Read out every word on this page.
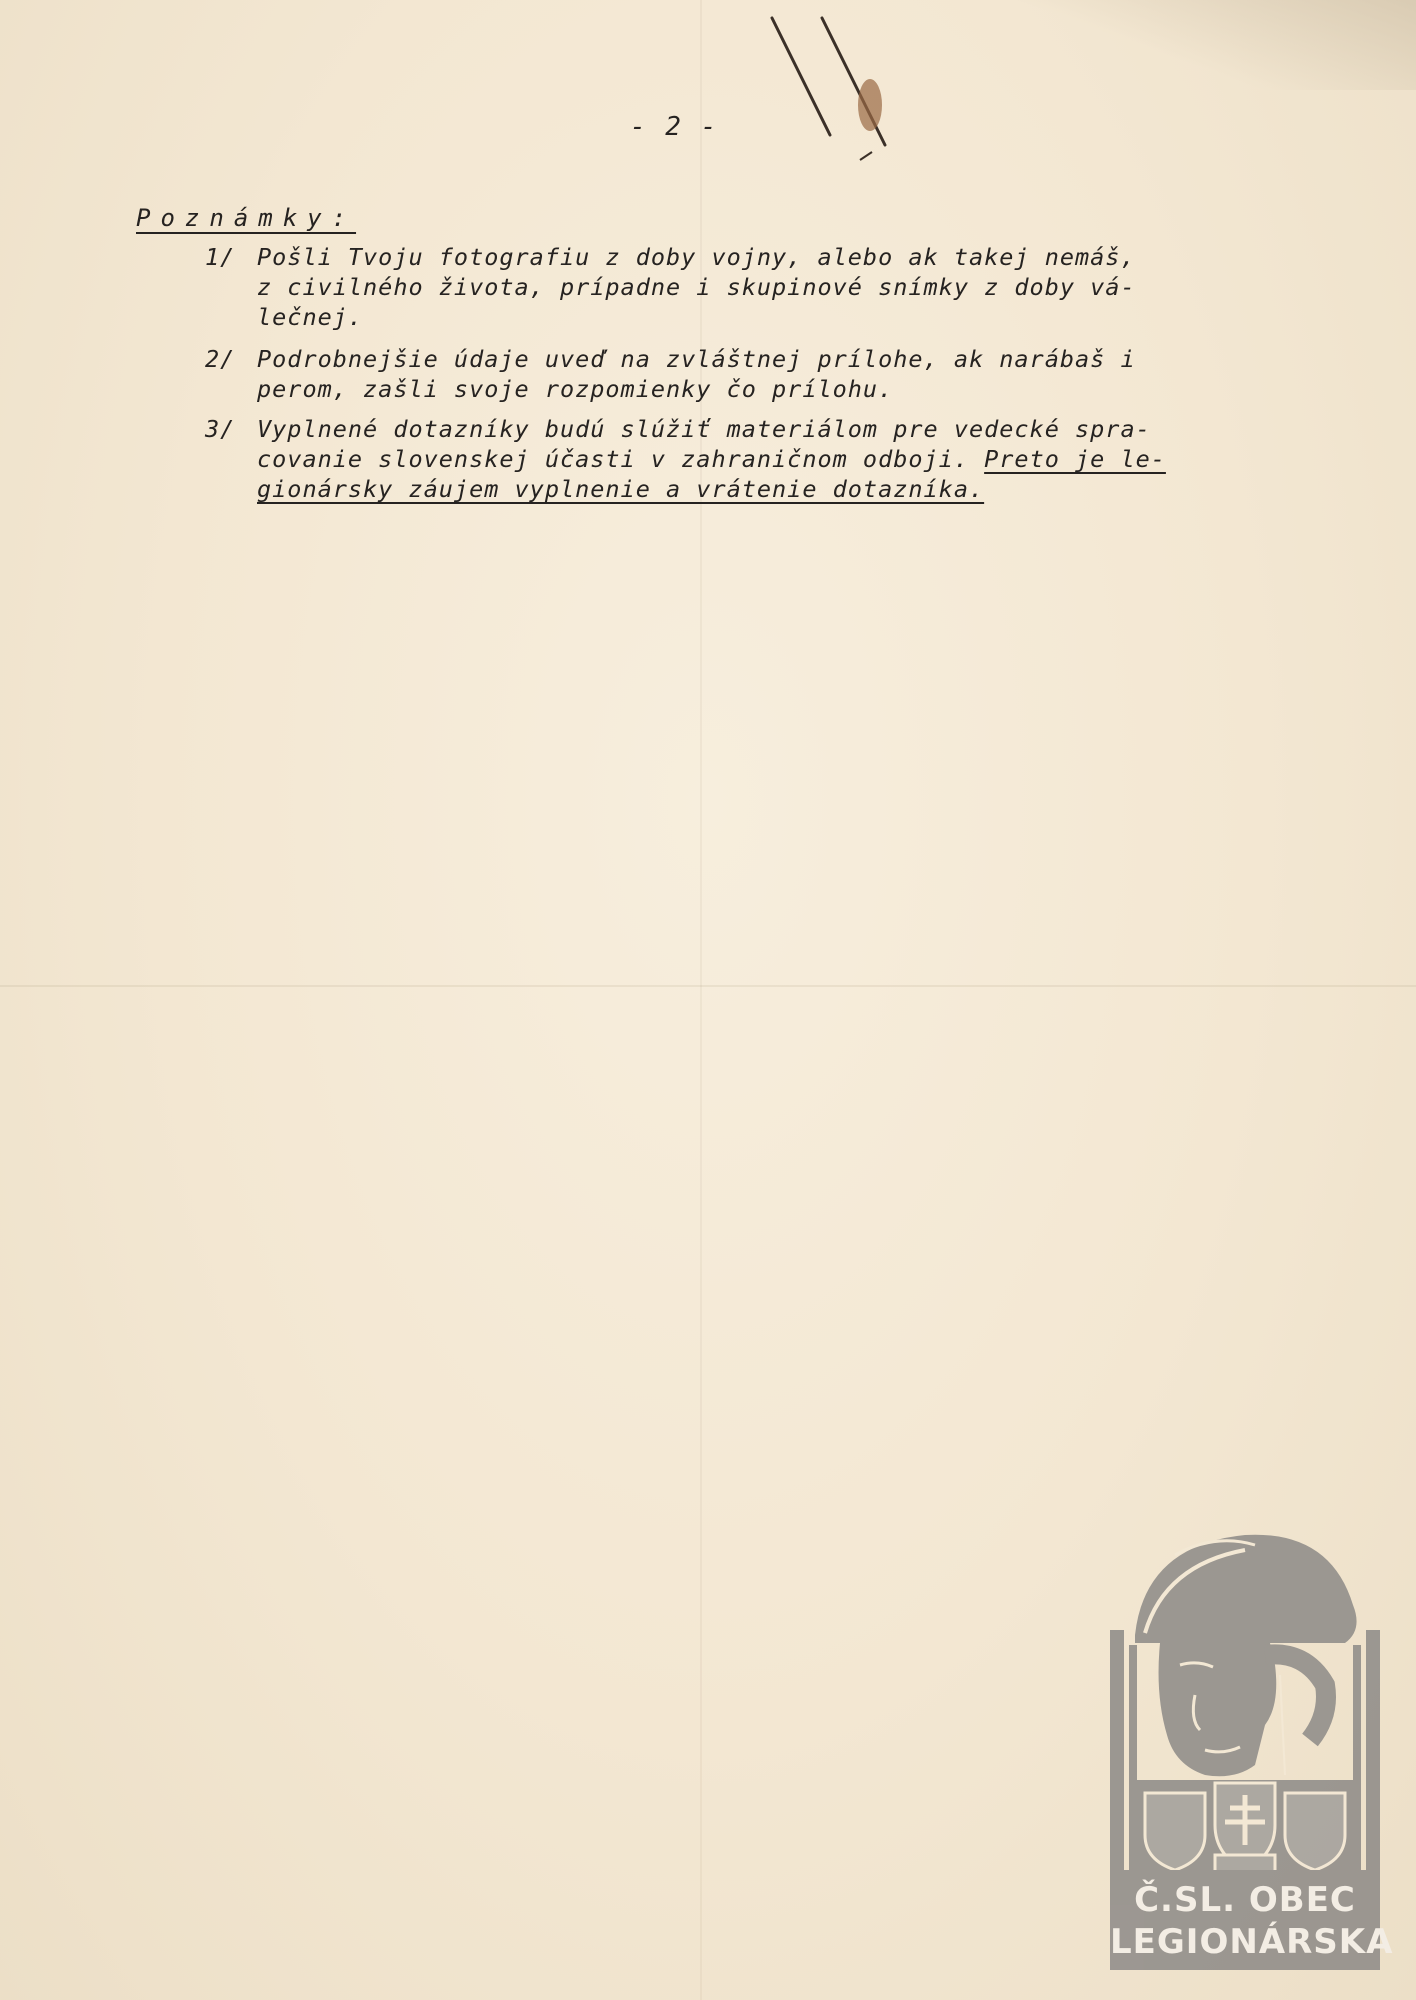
- 2 -
Poznámky:
1/ Pošli Tvoju fotografiu z doby vojny, alebo ak takej nemáš,
z civilného života, prípadne i skupinové snímky z doby vá-
lečnej.
2/ Podrobnejšie údaje uveď na zvláštnej prílohe, ak narábaš i
perom, zašli svoje rozpomienky čo prílohu.
3/ Vyplnené dotazníky budú slúžiť materiálom pre vedecké spra-
covanie slovenskej účasti v zahraničnom odboji. Preto je le-
gionársky záujem vyplnenie a vrátenie dotazníka.
Č.SL. OBEC
LEGIONÁRSKA
